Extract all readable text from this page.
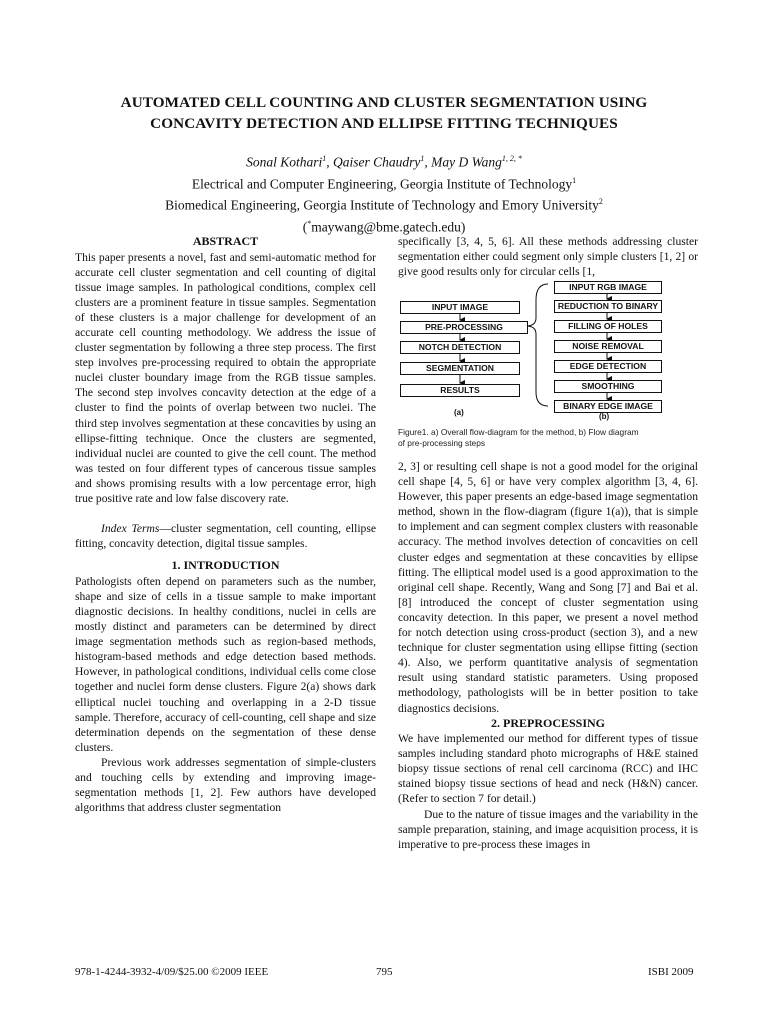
AUTOMATED CELL COUNTING AND CLUSTER SEGMENTATION USING
CONCAVITY DETECTION AND ELLIPSE FITTING TECHNIQUES
Sonal Kothari$^1$, Qaiser Chaudry$^1$, May D Wang$^{1, 2, *}$
Electrical and Computer Engineering, Georgia Institute of Technology$^1$
Biomedical Engineering, Georgia Institute of Technology and Emory University$^2$
(*maywang@bme.gatech.edu)
ABSTRACT

This paper presents a novel, fast and semi-automatic method for accurate cell cluster segmentation and cell counting of digital tissue image samples. In pathological conditions, complex cell clusters are a prominent feature in tissue samples. Segmentation of these clusters is a major challenge for development of an accurate cell counting methodology. We address the issue of cluster segmentation by following a three step process. The first step involves pre-processing required to obtain the appropriate nuclei cluster boundary image from the RGB tissue samples. The second step involves concavity detection at the edge of a cluster to find the points of overlap between two nuclei. The third step involves segmentation at these concavities by using an ellipse-fitting technique. Once the clusters are segmented, individual nuclei are counted to give the cell count. The method was tested on four different types of cancerous tissue samples and shows promising results with a low percentage error, high true positive rate and low false discovery rate.

Index Terms—cluster segmentation, cell counting, ellipse fitting, concavity detection, digital tissue samples.

1. INTRODUCTION

Pathologists often depend on parameters such as the number, shape and size of cells in a tissue sample to make important diagnostic decisions. In healthy conditions, nuclei in cells are mostly distinct and parameters can be determined by direct image segmentation methods such as region-based methods, histogram-based methods and edge detection based methods. However, in pathological conditions, individual cells come close together and nuclei form dense clusters. Figure 2(a) shows dark elliptical nuclei touching and overlapping in a 2-D tissue sample. Therefore, accuracy of cell-counting, cell shape and size determination depends on the segmentation of these dense clusters.

Previous work addresses segmentation of simple-clusters and touching cells by extending and improving image-segmentation methods [1, 2]. Few authors have developed algorithms that address cluster segmentation

specifically [3, 4, 5, 6]. All these methods addressing cluster segmentation either could segment only simple clusters [1, 2] or give good results only for circular cells [1,
INPUT IMAGE
PRE-PROCESSING
NOTCH DETECTION
SEGMENTATION
RESULTS
INPUT RGB IMAGE
REDUCTION TO BINARY
FILLING OF HOLES
NOISE REMOVAL
EDGE DETECTION
SMOOTHING
BINARY EDGE IMAGE
(a)	(b)
Figure1. a) Overall flow-diagram for the method, b) Flow diagram
of pre-processing steps

2, 3] or resulting cell shape is not a good model for the original cell shape [4, 5, 6] or have very complex algorithm [3, 4, 6]. However, this paper presents an edge-based image segmentation method, shown in the flow-diagram (figure 1(a)), that is simple to implement and can segment complex clusters with reasonable accuracy. The method involves detection of concavities on cell cluster edges and segmentation at these concavities by ellipse fitting. The elliptical model used is a good approximation to the original cell shape. Recently, Wang and Song [7] and Bai et al. [8] introduced the concept of cluster segmentation using concavity detection. In this paper, we present a novel method for notch detection using cross-product (section 3), and a new technique for cluster segmentation using ellipse fitting (section 4). Also, we perform quantitative analysis of segmentation result using standard statistic parameters. Using proposed methodology, pathologists will be in better position to take diagnostics decisions.

2. PREPROCESSING

We have implemented our method for different types of tissue samples including standard photo micrographs of H&E stained biopsy tissue sections of renal cell carcinoma (RCC) and IHC stained biopsy tissue sections of head and neck (H&N) cancer. (Refer to section 7 for detail.)

Due to the nature of tissue images and the variability in the sample preparation, staining, and image acquisition process, it is imperative to pre-process these images in

978-1-4244-3932-4/09/$25.00 ©2009 IEEE	795	ISBI 2009
